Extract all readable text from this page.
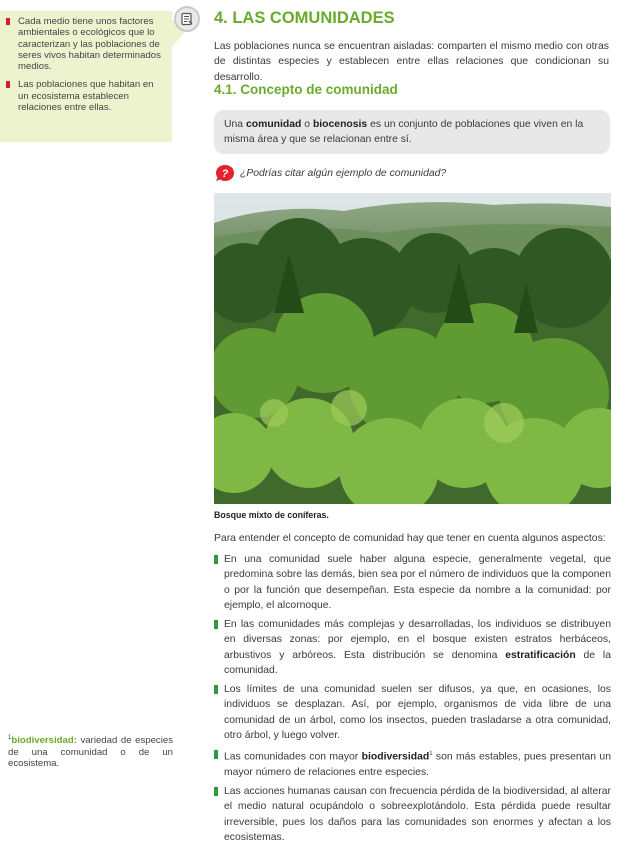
Cada medio tiene unos factores ambientales o ecológicos que lo caracterizan y las poblaciones de seres vivos habitan determinados medios.
Las poblaciones que habitan en un ecosistema establecen relaciones entre ellas.
4. LAS COMUNIDADES

Las poblaciones nunca se encuentran aisladas: comparten el mismo medio con otras de distintas especies y establecen entre ellas relaciones que condicionan su desarrollo.

4.1. Concepto de comunidad
Una comunidad o biocenosis es un conjunto de poblaciones que viven en la misma área y que se relacionan entre sí.
? ¿Podrías citar algún ejemplo de comunidad?
Bosque mixto de coníferas.
Para entender el concepto de comunidad hay que tener en cuenta algunos aspectos:
En una comunidad suele haber alguna especie, generalmente vegetal, que predomina sobre las demás, bien sea por el número de individuos que la componen o por la función que desempeñan. Esta especie da nombre a la comunidad: por ejemplo, el alcornoque.
En las comunidades más complejas y desarrolladas, los individuos se distribuyen en diversas zonas: por ejemplo, en el bosque existen estratos herbáceos, arbustivos y arbóreos. Esta distribución se denomina estratificación de la comunidad.
Los límites de una comunidad suelen ser difusos, ya que, en ocasiones, los individuos se desplazan. Así, por ejemplo, organismos de vida libre de una comunidad de un árbol, como los insectos, pueden trasladarse a otra comunidad, otro árbol, y luego volver.
Las comunidades con mayor biodiversidad$^1$ son más estables, pues presentan un mayor número de relaciones entre especies.
Las acciones humanas causan con frecuencia pérdida de la biodiversidad, al alterar el medio natural ocupándolo o sobreexplotándolo. Esta pérdida puede resultar irreversible, pues los daños para las comunidades son enormes y afectan a los ecosistemas.
$^1$biodiversidad: variedad de especies de una comunidad o de un ecosistema.
